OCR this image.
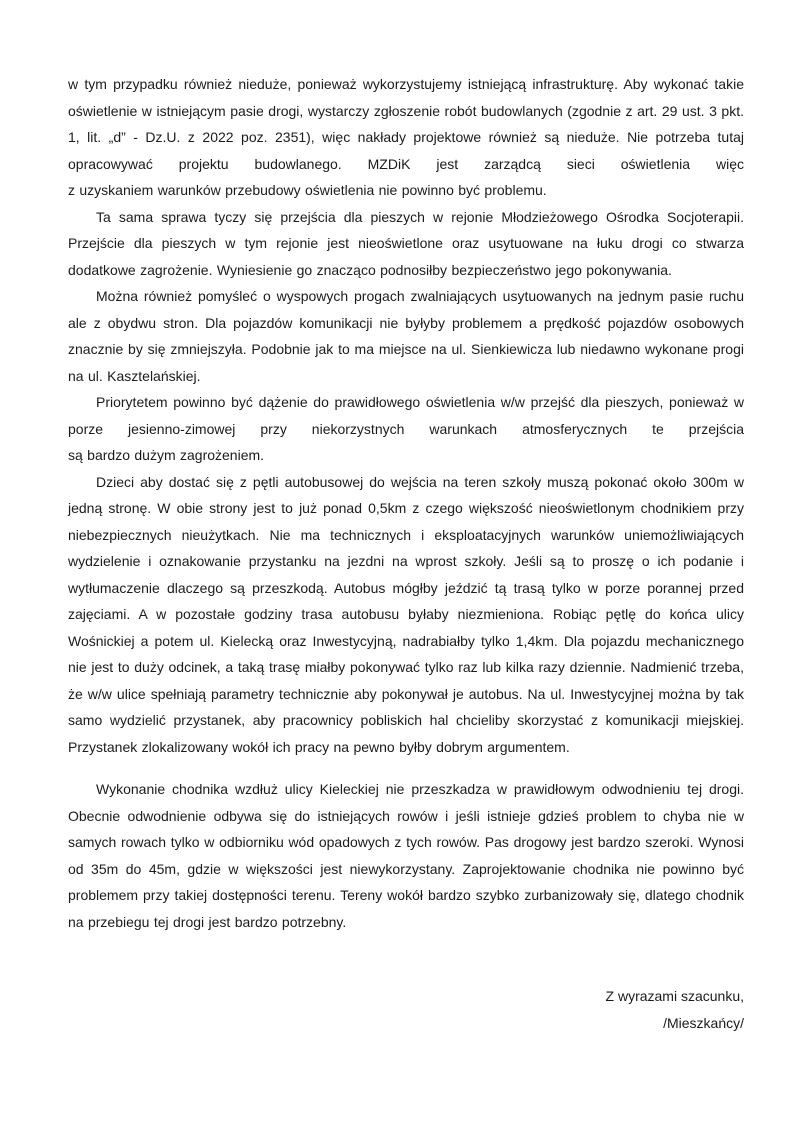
w tym przypadku również nieduże, ponieważ wykorzystujemy istniejącą infrastrukturę. Aby wykonać takie oświetlenie w istniejącym pasie drogi, wystarczy zgłoszenie robót budowlanych (zgodnie z art. 29 ust. 3 pkt. 1, lit. „d” - Dz.U. z 2022 poz. 2351), więc nakłady projektowe również są nieduże. Nie potrzeba tutaj opracowywać projektu budowlanego. MZDiK jest zarządcą sieci oświetlenia więc
z uzyskaniem warunków przebudowy oświetlenia nie powinno być problemu.
Ta sama sprawa tyczy się przejścia dla pieszych w rejonie Młodzieżowego Ośrodka Socjoterapii. Przejście dla pieszych w tym rejonie jest nieoświetlone oraz usytuowane na łuku drogi co stwarza dodatkowe zagrożenie. Wyniesienie go znacząco podnosiłby bezpieczeństwo jego pokonywania.
Można również pomyśleć o wyspowych progach zwalniających usytuowanych na jednym pasie ruchu ale z obydwu stron. Dla pojazdów komunikacji nie byłyby problemem a prędkość pojazdów osobowych znacznie by się zmniejszyła. Podobnie jak to ma miejsce na ul. Sienkiewicza lub niedawno wykonane progi na ul. Kasztelańskiej.
Priorytetem powinno być dążenie do prawidłowego oświetlenia w/w przejść dla pieszych, ponieważ w porze jesienno-zimowej przy niekorzystnych warunkach atmosferycznych te przejścia
są bardzo dużym zagrożeniem.
Dzieci aby dostać się z pętli autobusowej do wejścia na teren szkoły muszą pokonać około 300m w jedną stronę. W obie strony jest to już ponad 0,5km z czego większość nieoświetlonym chodnikiem przy niebezpiecznych nieużytkach. Nie ma technicznych i eksploatacyjnych warunków uniemożliwiających wydzielenie i oznakowanie przystanku na jezdni na wprost szkoły. Jeśli są to proszę o ich podanie i wytłumaczenie dlaczego są przeszkodą. Autobus mógłby jeździć tą trasą tylko w porze porannej przed zajęciami. A w pozostałe godziny trasa autobusu byłaby niezmieniona. Robiąc pętlę do końca ulicy Wośnickiej a potem ul. Kielecką oraz Inwestycyjną, nadrabiałby tylko 1,4km. Dla pojazdu mechanicznego nie jest to duży odcinek, a taką trasę miałby pokonywać tylko raz lub kilka razy dziennie. Nadmienić trzeba, że w/w ulice spełniają parametry technicznie aby pokonywał je autobus. Na ul. Inwestycyjnej można by tak samo wydzielić przystanek, aby pracownicy pobliskich hal chcieliby skorzystać z komunikacji miejskiej. Przystanek zlokalizowany wokół ich pracy na pewno byłby dobrym argumentem.
Wykonanie chodnika wzdłuż ulicy Kieleckiej nie przeszkadza w prawidłowym odwodnieniu tej drogi. Obecnie odwodnienie odbywa się do istniejących rowów i jeśli istnieje gdzieś problem to chyba nie w samych rowach tylko w odbiorniku wód opadowych z tych rowów. Pas drogowy jest bardzo szeroki. Wynosi od 35m do 45m, gdzie w większości jest niewykorzystany. Zaprojektowanie chodnika nie powinno być problemem przy takiej dostępności terenu. Tereny wokół bardzo szybko zurbanizowały się, dlatego chodnik na przebiegu tej drogi jest bardzo potrzebny.
Z wyrazami szacunku,
/Mieszkańcy/
